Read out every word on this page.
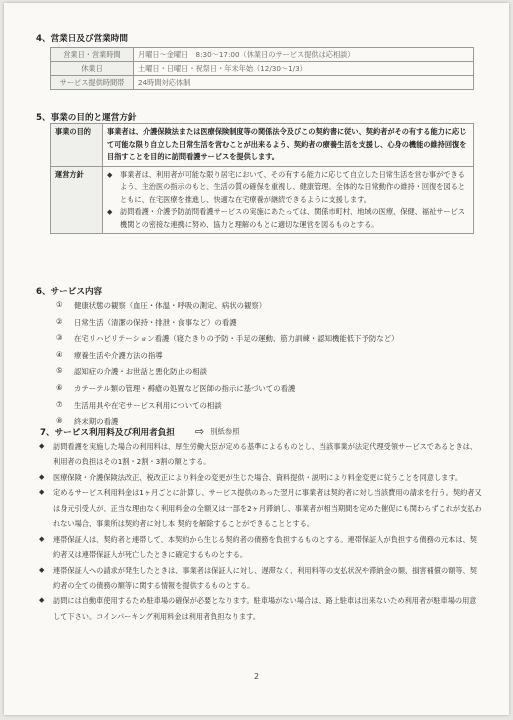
4、営業日及び営業時間
営業日・営業時間	月曜日～金曜日　8:30～17:00（休業日のサービス提供は応相談）
休業日	土曜日・日曜日・祝祭日・年末年始（12/30～1/3）
サービス提供時間帯	24時間対応体制
5、事業の目的と運営方針
事業の目的	事業者は、介護保険法または医療保険制度等の関係法令及びこの契約書に従い、契約者がその有する能力に応じて可能な限り自立した日常生活を営むことが出来るよう、契約者の療養生活を支援し、心身の機能の維持回復を目指すことを目的に訪問看護サービスを提供します。
運営方針	◆ 事業者は、利用者が可能な限り居宅において、その有する能力に応じて自立した日常生活を営む事ができるよう、主治医の指示のもと、生活の質の確保を重視し、健康管理、全体的な日常動作の維持・回復を図るとともに、在宅医療を推進し、快適な在宅療養が継続できるように支援します。
◆ 訪問看護・介護予防訪問看護サービスの実施にあたっては、関係市町村、地域の医療、保健、福祉サービス機関との密接な連携に努め、協力と理解のもとに適切な運営を図るものとする。
6、サービス内容
①	健康状態の観察（血圧・体温・呼吸の測定、病状の観察）
②	日常生活（清潔の保持・排泄・食事など）の看護
③	在宅リハビリテーション看護（寝たきりの予防・手足の運動、筋力訓練・認知機能低下予防など）
④	療養生活や介護方法の指導
⑤	認知症の介護・お世話と悪化防止の相談
⑥	カテーテル類の管理・褥瘡の処置など医師の指示に基づいての看護
⑦	生活用具や在宅サービス利用についての相談
⑧	終末期の看護
7、サービス利用料及び利用者負担 ⇨ 別紙参照
◆	訪問看護を実施した場合の利用料は、厚生労働大臣が定める基準によるものとし、当該事業が法定代理受領サービスであるときは、利用者の負担はその1割・2割・3割の額とする。
◆	医療保険・介護保険法改正、税改正により料金の変更が生じた場合、資料提供・説明により料金変更に従うことを同意します。
◆	定めるサービス利用料金は1ヶ月ごとに計算し、サービス提供のあった翌月に事業者は契約者に対し当該費用の請求を行う。契約者又は身元引受人が、正当な理由なく利用料金の全額又は一部を2ヶ月滞納し、事業者が相当期間を定めた催促にも関わらずこれが支払われない場合、事業所は契約者に対し本 契約を解除することができることとする。
◆	連帯保証人は、契約者と連帯して、本契約から生じる契約者の債務を負担するものとする。連帯保証人が負担する債務の元本は、契約者又は連帯保証人が死亡したときに確定するものとする。
◆	連帯保証人への請求が発生したときは、事業者は保証人に対し、遅滞なく、利用料等の支払状況や滞納金の額、損害補償の額等、契約者の全ての債務の額等に関する情報を提供するものとする。
◆	訪問には自動車使用するため駐車場の確保が必要となります。駐車場がない場合は、路上駐車は出来ないため利用者が駐車場の用意して下さい。コインパーキング利用料金は利用者負担なります。
2
